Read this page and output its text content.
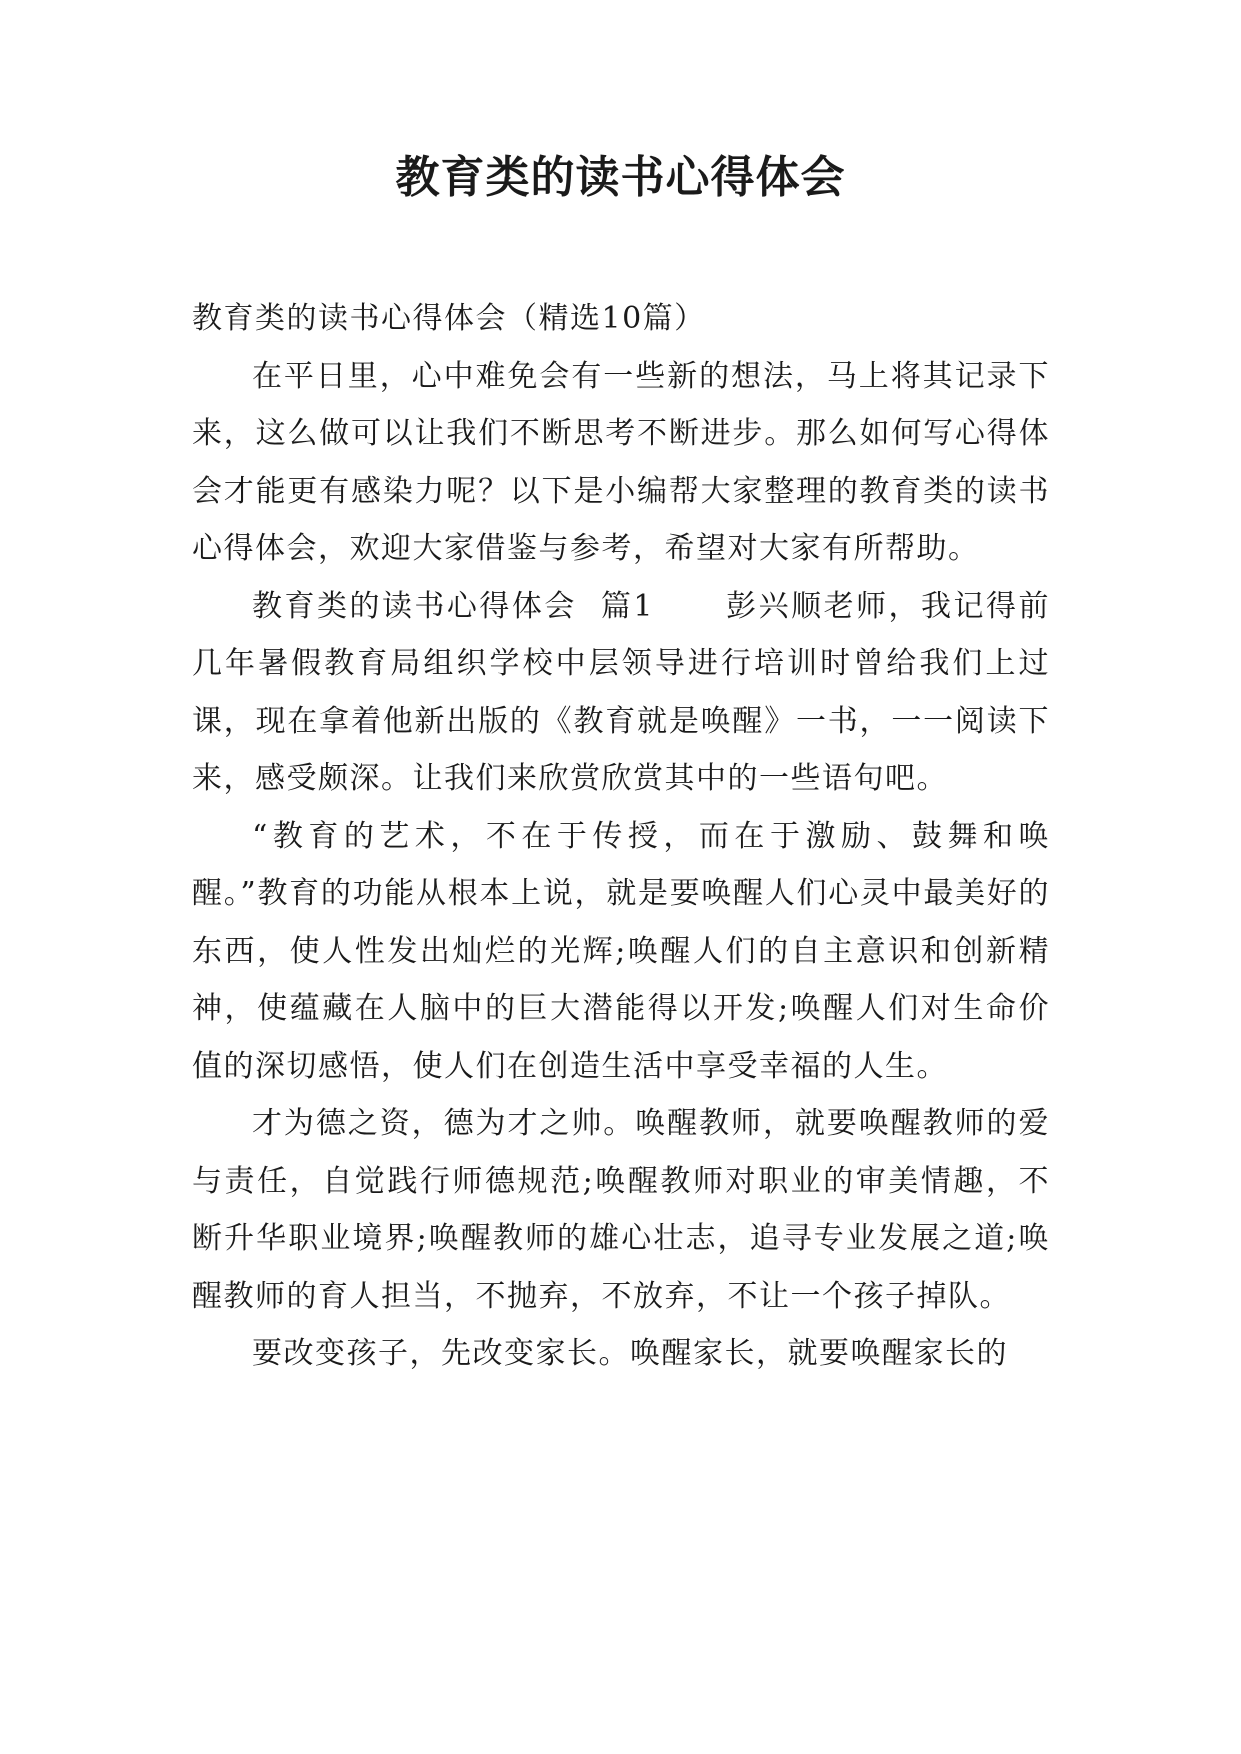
教育类的读书心得体会

教育类的读书心得体会（精选10篇）

在平日里，心中难免会有一些新的想法，马上将其记录下来，这么做可以让我们不断思考不断进步。那么如何写心得体会才能更有感染力呢？以下是小编帮大家整理的教育类的读书心得体会，欢迎大家借鉴与参考，希望对大家有所帮助。

教育类的读书心得体会  篇1      彭兴顺老师，我记得前几年暑假教育局组织学校中层领导进行培训时曾给我们上过课，现在拿着他新出版的《教育就是唤醒》一书，一一阅读下来，感受颇深。让我们来欣赏欣赏其中的一些语句吧。

“教育的艺术，不在于传授，而在于激励、鼓舞和唤醒。”教育的功能从根本上说，就是要唤醒人们心灵中最美好的东西，使人性发出灿烂的光辉;唤醒人们的自主意识和创新精神，使蕴藏在人脑中的巨大潜能得以开发;唤醒人们对生命价值的深切感悟，使人们在创造生活中享受幸福的人生。

才为德之资，德为才之帅。唤醒教师，就要唤醒教师的爱与责任，自觉践行师德规范;唤醒教师对职业的审美情趣，不断升华职业境界;唤醒教师的雄心壮志，追寻专业发展之道;唤醒教师的育人担当，不抛弃，不放弃，不让一个孩子掉队。

要改变孩子，先改变家长。唤醒家长，就要唤醒家长的
